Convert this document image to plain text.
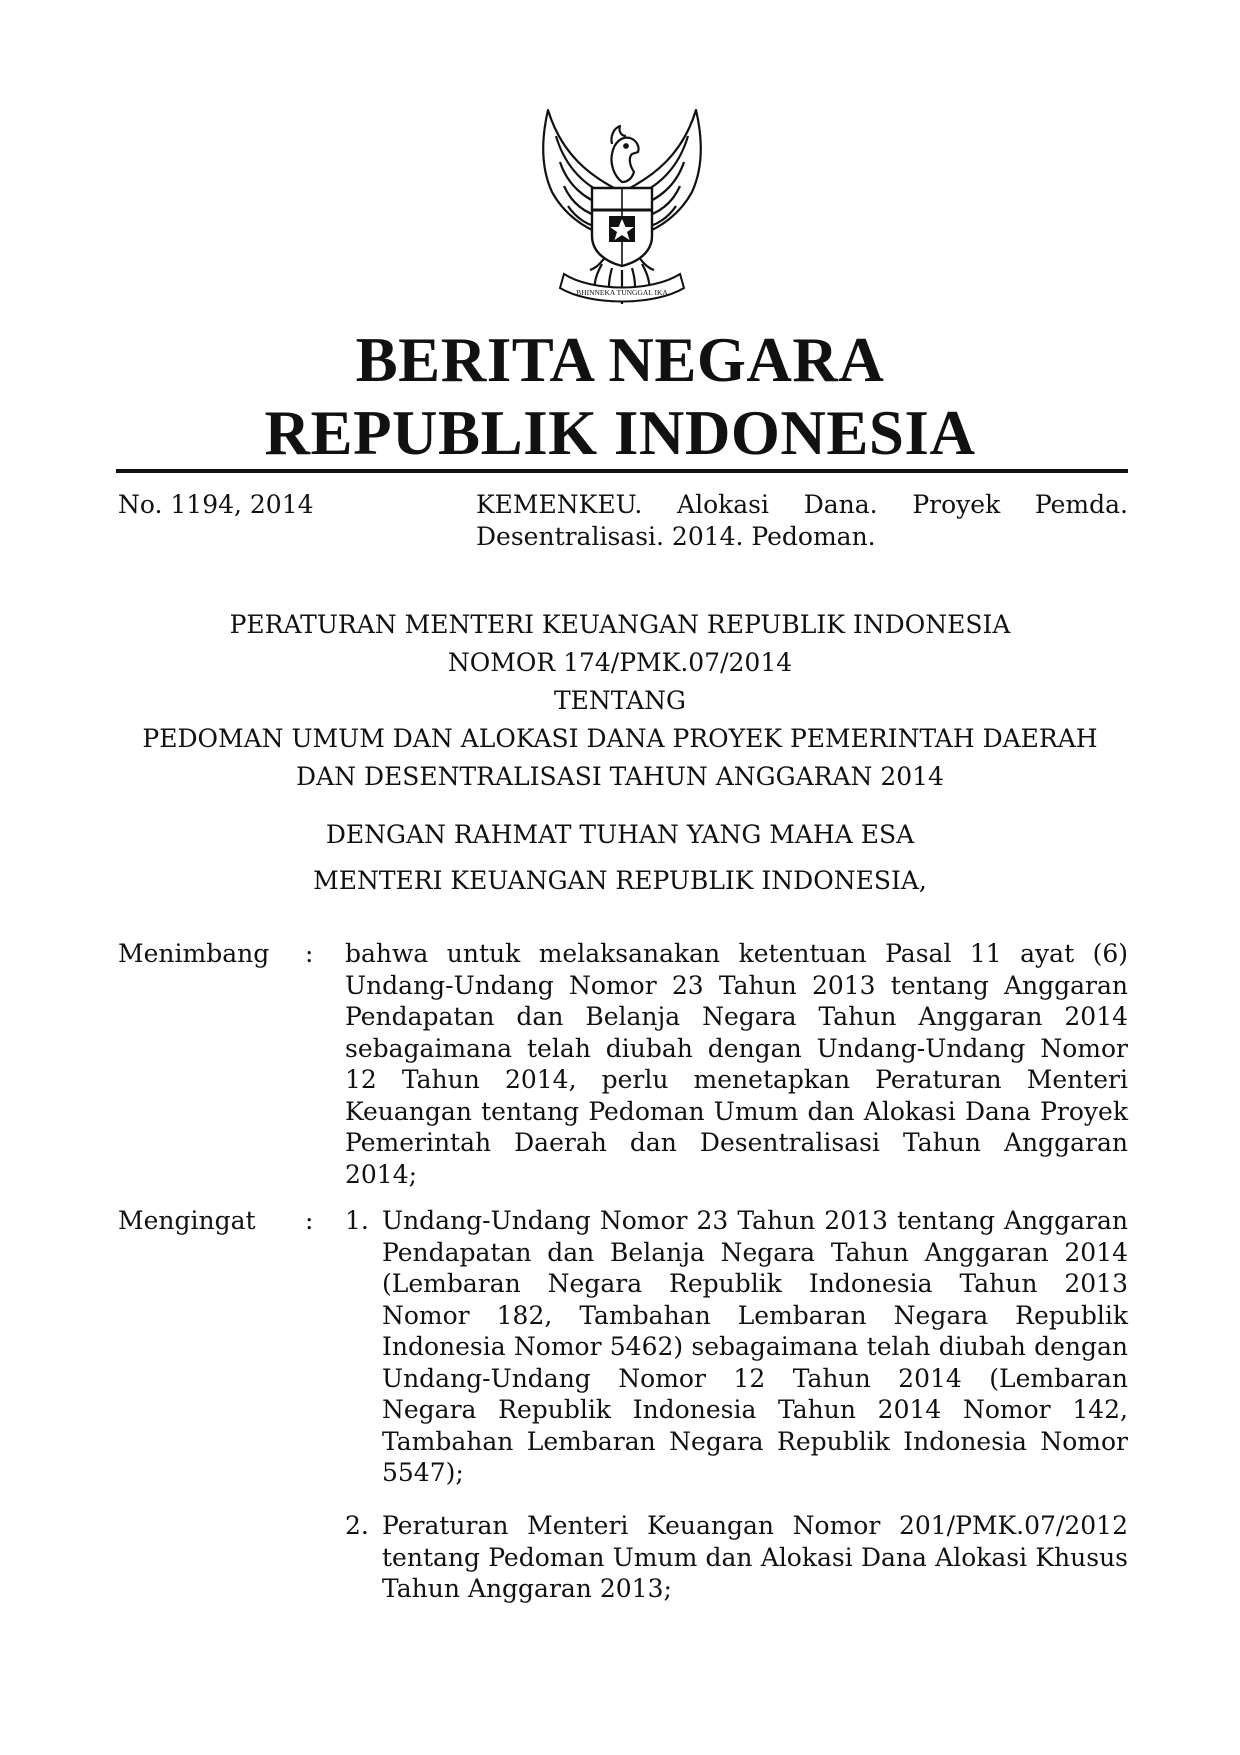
BHINNEKA TUNGGAL IKA
BERITA NEGARA
REPUBLIK INDONESIA
No. 1194, 2014	KEMENKEU. Alokasi Dana. Proyek Pemda. Desentralisasi. 2014. Pedoman.
PERATURAN MENTERI KEUANGAN REPUBLIK INDONESIA
NOMOR 174/PMK.07/2014
TENTANG
PEDOMAN UMUM DAN ALOKASI DANA PROYEK PEMERINTAH DAERAH
DAN DESENTRALISASI TAHUN ANGGARAN 2014
DENGAN RAHMAT TUHAN YANG MAHA ESA
MENTERI KEUANGAN REPUBLIK INDONESIA,
Menimbang : bahwa untuk melaksanakan ketentuan Pasal 11 ayat (6) Undang-Undang Nomor 23 Tahun 2013 tentang Anggaran Pendapatan dan Belanja Negara Tahun Anggaran 2014 sebagaimana telah diubah dengan Undang-Undang Nomor 12 Tahun 2014, perlu menetapkan Peraturan Menteri Keuangan tentang Pedoman Umum dan Alokasi Dana Proyek Pemerintah Daerah dan Desentralisasi Tahun Anggaran 2014;
Mengingat : 1. Undang-Undang Nomor 23 Tahun 2013 tentang Anggaran Pendapatan dan Belanja Negara Tahun Anggaran 2014 (Lembaran Negara Republik Indonesia Tahun 2013 Nomor 182, Tambahan Lembaran Negara Republik Indonesia Nomor 5462) sebagaimana telah diubah dengan Undang-Undang Nomor 12 Tahun 2014 (Lembaran Negara Republik Indonesia Tahun 2014 Nomor 142, Tambahan Lembaran Negara Republik Indonesia Nomor 5547);
2. Peraturan Menteri Keuangan Nomor 201/PMK.07/2012 tentang Pedoman Umum dan Alokasi Dana Alokasi Khusus Tahun Anggaran 2013;
